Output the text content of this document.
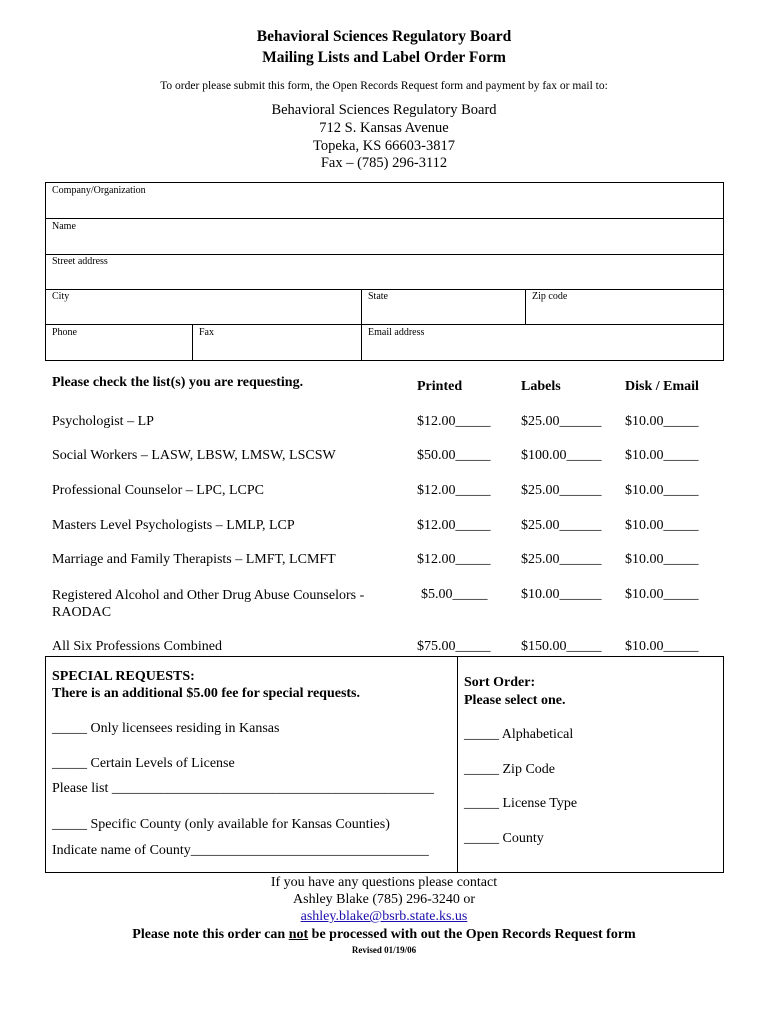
Behavioral Sciences Regulatory Board
Mailing Lists and Label Order Form
To order please submit this form, the Open Records Request form and payment by fax or mail to:
Behavioral Sciences Regulatory Board
712 S. Kansas Avenue
Topeka, KS 66603-3817
Fax – (785) 296-3112
Company/Organization
Name
Street address
City	State	Zip code
Phone	Fax	Email address
Please check the list(s) you are requesting.	Printed	Labels	Disk / Email
Psychologist – LP	$12.00_____ $25.00______ $10.00_____
Social Workers – LASW, LBSW, LMSW, LSCSW	$50.00_____ $100.00_____ $10.00_____
Professional Counselor – LPC, LCPC	$12.00_____ $25.00______ $10.00_____
Masters Level Psychologists – LMLP, LCP	$12.00_____ $25.00______ $10.00_____
Marriage and Family Therapists – LMFT, LCMFT	$12.00_____ $25.00______ $10.00_____
Registered Alcohol and Other Drug Abuse Counselors - RAODAC
$5.00_____ $10.00______ $10.00_____
All Six Professions Combined	$75.00_____ $150.00_____ $10.00_____
SPECIAL REQUESTS:
There is an additional $5.00 fee for special requests.
_____ Only licensees residing in Kansas
_____ Certain Levels of License
Please list ______________________________________________
_____ Specific County (only available for Kansas Counties)
Indicate name of County__________________________________
Sort Order:
Please select one.
_____ Alphabetical
_____ Zip Code
_____ License Type
_____ County
If you have any questions please contact
Ashley Blake (785) 296-3240 or
ashley.blake@bsrb.state.ks.us
Please note this order can not be processed with out the Open Records Request form
Revised 01/19/06
